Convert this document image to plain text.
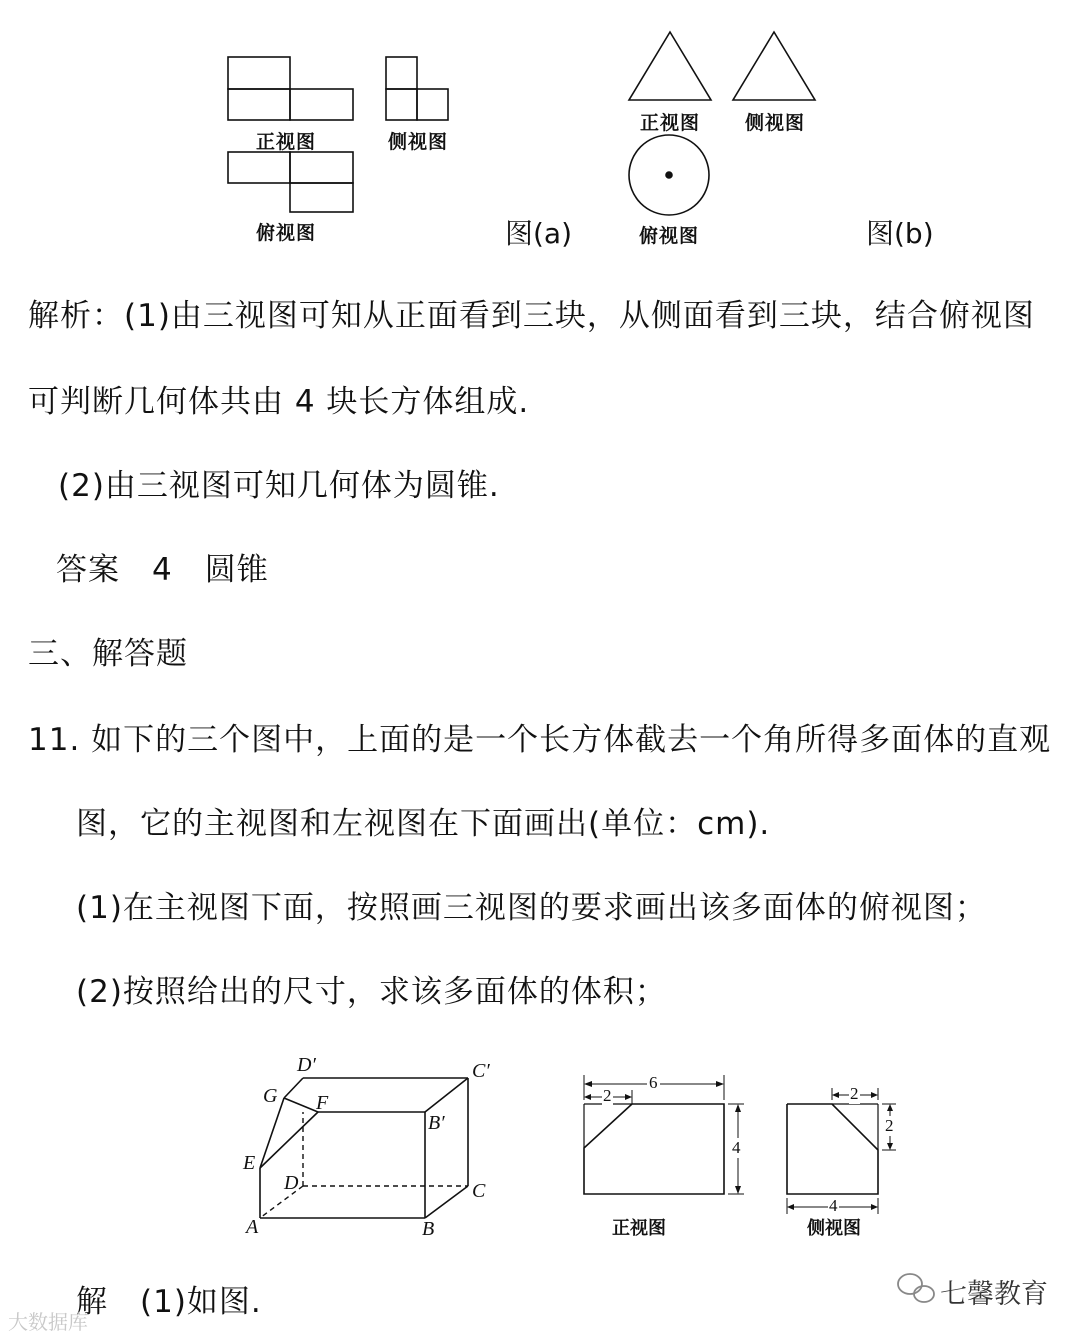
正视图	侧视图
俯视图	图(a)
正视图 侧视图
俯视图	图(b)
解析：(1)由三视图可知从正面看到三块，从侧面看到三块，结合俯视图
可判断几何体共由 4 块长方体组成.
(2)由三视图可知几何体为圆锥.
答案　4　圆锥
三、解答题
11. 如下的三个图中，上面的是一个长方体截去一个角所得多面体的直观
图，它的主视图和左视图在下面画出(单位：cm).
(1)在主视图下面，按照画三视图的要求画出该多面体的俯视图；
(2)按照给出的尺寸，求该多面体的体积；
D′	C′
G F
B′
E
D	C
A	B
6
2
4
正视图
2
2
4
侧视图
解　(1)如图.	七馨教育
大数据库
